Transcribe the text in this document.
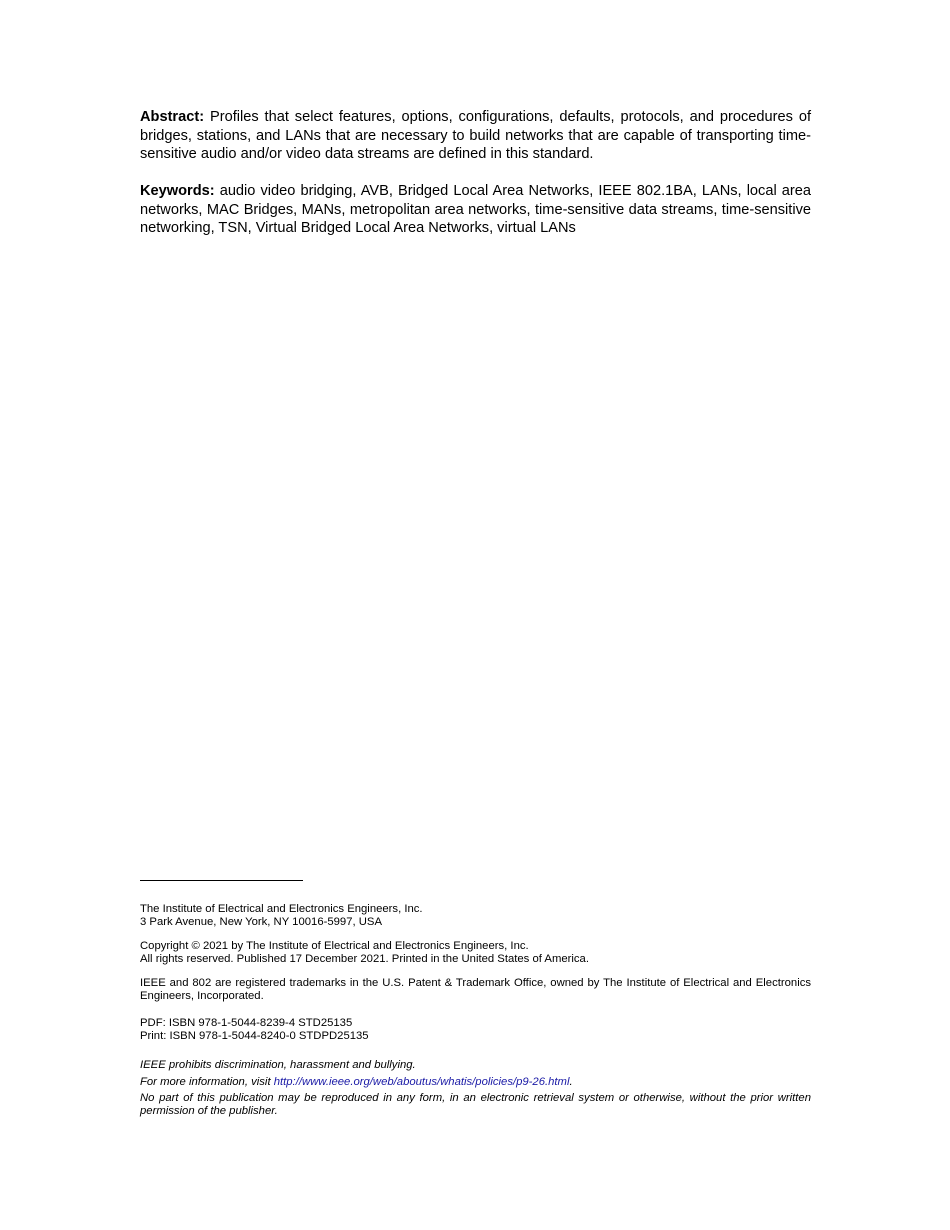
Abstract: Profiles that select features, options, configurations, defaults, protocols, and procedures of bridges, stations, and LANs that are necessary to build networks that are capable of transporting time-sensitive audio and/or video data streams are defined in this standard.
Keywords: audio video bridging, AVB, Bridged Local Area Networks, IEEE 802.1BA, LANs, local area networks, MAC Bridges, MANs, metropolitan area networks, time-sensitive data streams, time-sensitive networking, TSN, Virtual Bridged Local Area Networks, virtual LANs

The Institute of Electrical and Electronics Engineers, Inc.

3 Park Avenue, New York, NY 10016-5997, USA

Copyright © 2021 by The Institute of Electrical and Electronics Engineers, Inc.

All rights reserved. Published 17 December 2021. Printed in the United States of America.

IEEE and 802 are registered trademarks in the U.S. Patent & Trademark Office, owned by The Institute of Electrical and Electronics Engineers, Incorporated.

PDF: ISBN 978-1-5044-8239-4 STD25135

Print: ISBN 978-1-5044-8240-0 STDPD25135

IEEE prohibits discrimination, harassment and bullying.

For more information, visit http://www.ieee.org/web/aboutus/whatis/policies/p9-26.html.

No part of this publication may be reproduced in any form, in an electronic retrieval system or otherwise, without the prior written permission of the publisher.
